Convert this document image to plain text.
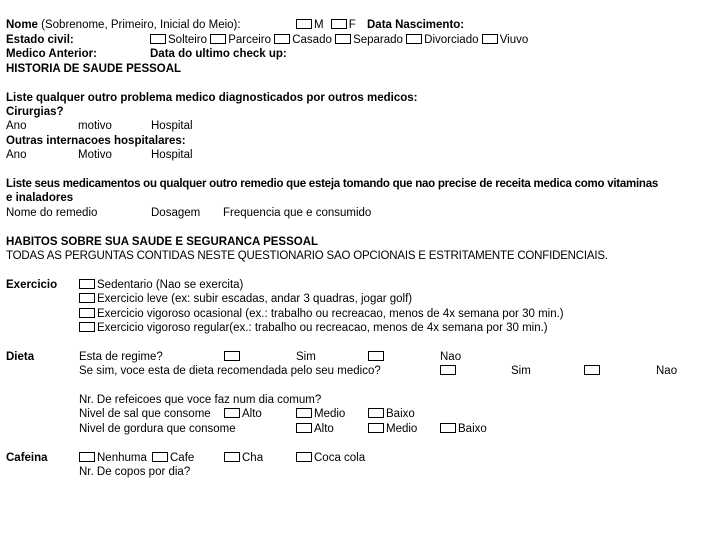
Nome (Sobrenome, Primeiro, Inicial do Meio):	M F Data Nascimento:
Estado civil:	Solteiro Parceiro Casado Separado Divorciado Viuvo
Medico Anterior:	Data do ultimo check up:
HISTORIA DE SAUDE PESSOAL
Liste qualquer outro problema medico diagnosticados por outros medicos:
Cirurgias?
Ano	motivo	Hospital
Outras internacoes hospitalares:
Ano	Motivo	Hospital
Liste seus medicamentos ou qualquer outro remedio que esteja tomando que nao precise de receita medica como vitaminas
e inaladores
Nome do remedio	Dosagem Frequencia que e consumido
HABITOS SOBRE SUA SAUDE E SEGURANCA PESSOAL
TODAS AS PERGUNTAS CONTIDAS NESTE QUESTIONARIO SAO OPCIONAIS E ESTRITAMENTE CONFIDENCIAIS.
Exercicio	Sedentario (Nao se exercita)
Exercicio leve (ex: subir escadas, andar 3 quadras, jogar golf)
Exercicio vigoroso ocasional (ex.: trabalho ou recreacao, menos de 4x semana por 30 min.)
Exercicio vigoroso regular(ex.: trabalho ou recreacao, menos de 4x semana por 30 min.)
Dieta	Esta de regime?	Sim	Nao
Se sim, voce esta de dieta recomendada pelo seu medico?	Sim	Nao
Nr. De refeicoes que voce faz num dia comum?
Nivel de sal que consome	Alto	Medio	Baixo
Nivel de gordura que consome	Alto	Medio	Baixo
Cafeina	Nenhuma	Cafe	Cha	Coca cola
Nr. De copos por dia?
